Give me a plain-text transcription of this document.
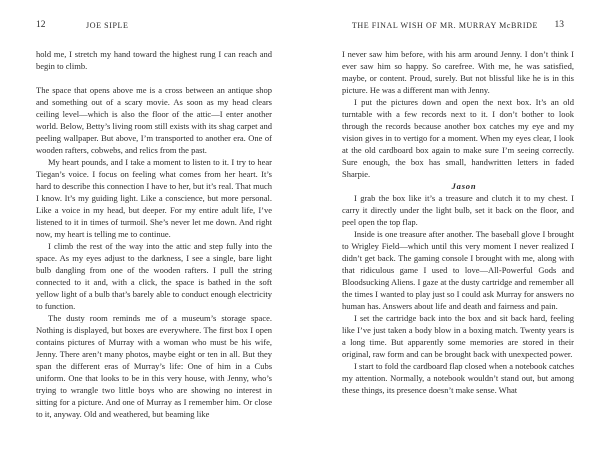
12	JOE SIPLE

hold me, I stretch my hand toward the highest rung I can reach and begin to climb.

The space that opens above me is a cross between an antique shop and something out of a scary movie. As soon as my head clears ceiling level—which is also the floor of the attic—I enter another world. Below, Betty’s living room still exists with its shag carpet and peeling wallpaper. But above, I’m transported to another era. One of wooden rafters, cobwebs, and relics from the past.

My heart pounds, and I take a moment to listen to it. I try to hear Tiegan’s voice. I focus on feeling what comes from her heart. It’s hard to describe this connection I have to her, but it’s real. That much I know. It’s my guiding light. Like a conscience, but more personal. Like a voice in my head, but deeper. For my entire adult life, I’ve listened to it in times of turmoil. She’s never let me down. And right now, my heart is telling me to continue.

I climb the rest of the way into the attic and step fully into the space. As my eyes adjust to the darkness, I see a single, bare light bulb dangling from one of the wooden rafters. I pull the string connected to it and, with a click, the space is bathed in the soft yellow light of a bulb that’s barely able to conduct enough electricity to function.

The dusty room reminds me of a museum’s storage space. Nothing is displayed, but boxes are everywhere. The first box I open contains pictures of Murray with a woman who must be his wife, Jenny. There aren’t many photos, maybe eight or ten in all. But they span the different eras of Murray’s life: One of him in a Cubs uniform. One that looks to be in this very house, with Jenny, who’s trying to wrangle two little boys who are showing no interest in sitting for a picture. And one of Murray as I remember him. Or close to it, anyway. Old and weathered, but beaming like

THE FINAL WISH OF MR. MURRAY McBRIDE 13

I never saw him before, with his arm around Jenny. I don’t think I ever saw him so happy. So carefree. With me, he was satisfied, maybe, or content. Proud, surely. But not blissful like he is in this picture. He was a different man with Jenny.

I put the pictures down and open the next box. It’s an old turntable with a few records next to it. I don’t bother to look through the records because another box catches my eye and my vision gives in to vertigo for a moment. When my eyes clear, I look at the old cardboard box again to make sure I’m seeing correctly. Sure enough, the box has small, handwritten letters in faded Sharpie.

Jason

I grab the box like it’s a treasure and clutch it to my chest. I carry it directly under the light bulb, set it back on the floor, and peel open the top flap.

Inside is one treasure after another. The baseball glove I brought to Wrigley Field—which until this very moment I never realized I didn’t get back. The gaming console I brought with me, along with that ridiculous game I used to love—All-Powerful Gods and Bloodsucking Aliens. I gaze at the dusty cartridge and remember all the times I wanted to play just so I could ask Murray for answers no human has. Answers about life and death and fairness and pain.

I set the cartridge back into the box and sit back hard, feeling like I’ve just taken a body blow in a boxing match. Twenty years is a long time. But apparently some memories are stored in their original, raw form and can be brought back with unexpected power.

I start to fold the cardboard flap closed when a notebook catches my attention. Normally, a notebook wouldn’t stand out, but among these things, its presence doesn’t make sense. What
